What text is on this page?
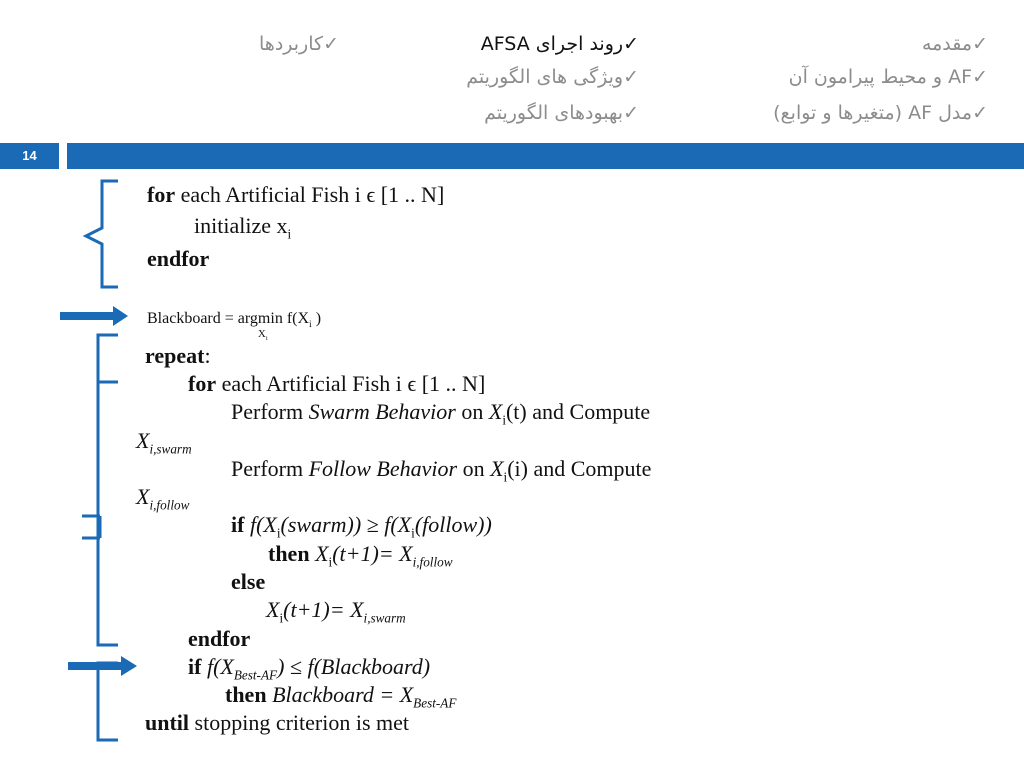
✓مقدمه
✓AF و محیط پیرامون آن
✓مدل AF (متغیرها و توابع)
✓روند اجرای AFSA
✓ویژگی های الگوریتم
✓بهبودهای الگوریتم
✓کاربردها
14
for each Artificial Fish i ϵ [1 .. N]
initialize $x_i$
endfor
Blackboard = argmin
$X_i$
$f(X_i$ )
repeat:
for each Artificial Fish i ϵ [1 .. N]
Perform Swarm Behavior on $X_i(t)$ and Compute
$X_{i,swarm}$
Perform Follow Behavior on $X_i(i)$ and Compute
$X_{i,follow}$
if $f(X_i(swarm))$ ≥ $f(X_i(follow))$
then $X_i(t+1)= X_{i,follow}$
else
$X_i(t+1)= X_{i,swarm}$
endfor
if $f(X_{Best-AF})$ ≤ f(Blackboard)
then Blackboard = $X_{Best-AF}$
until stopping criterion is met
